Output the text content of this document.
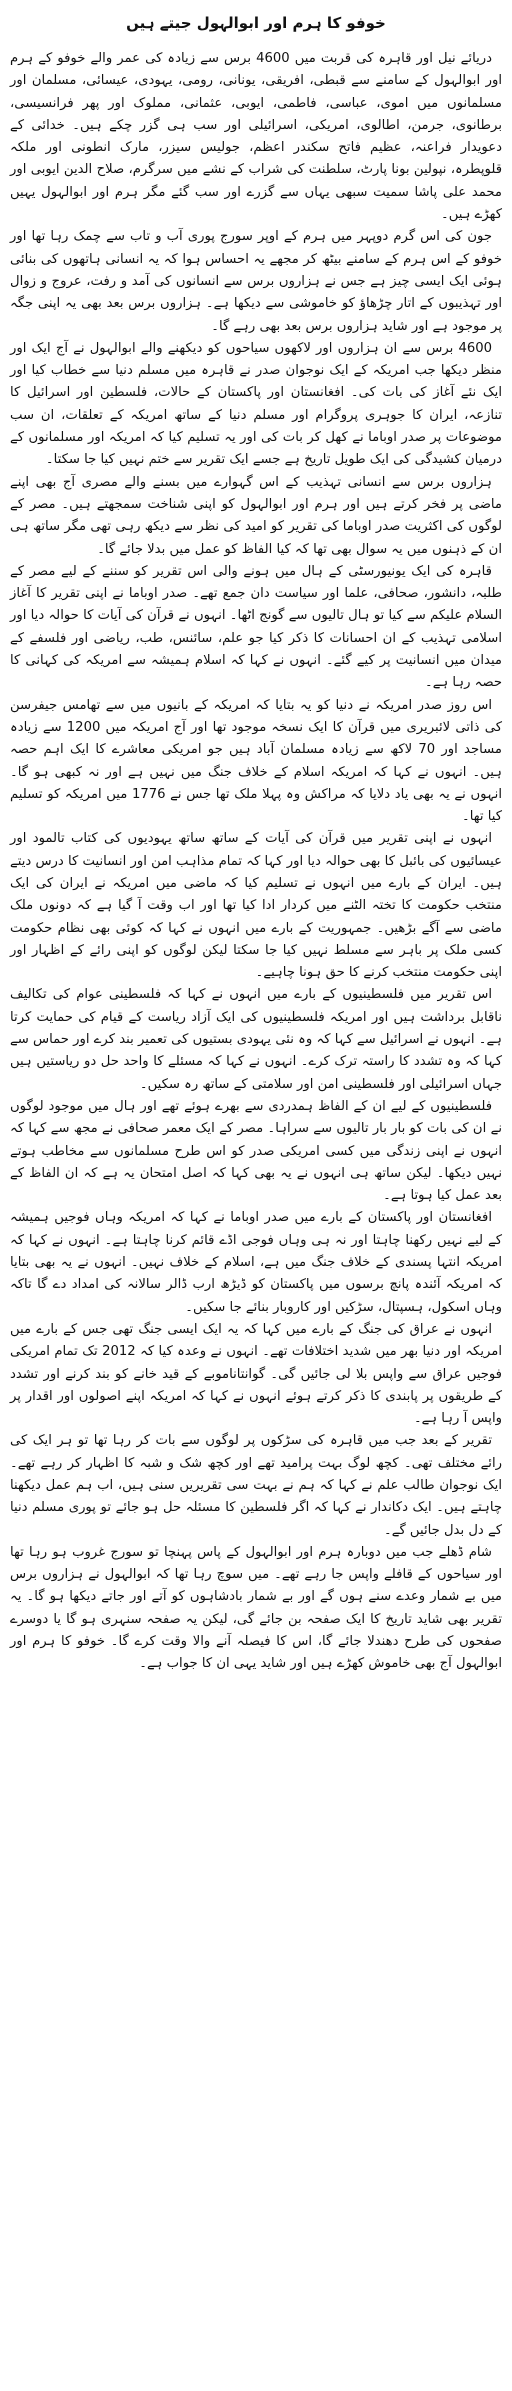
خوفو کا ہرم اور ابوالہول جیتے ہیں

دریائے نیل اور قاہرہ کی قربت میں 4600 برس سے زیادہ کی عمر والے خوفو کے ہرم اور ابوالہول کے سامنے سے قبطی، افریقی، یونانی، رومی، یہودی، عیسائی، مسلمان اور مسلمانوں میں اموی، عباسی، فاطمی، ایوبی، عثمانی، مملوک اور پھر فرانسیسی، برطانوی، جرمن، اطالوی، امریکی، اسرائیلی اور سب ہی گزر چکے ہیں۔ خدائی کے دعویدار فراعنہ، عظیم فاتح سکندر اعظم، جولیس سیزر، مارک انطونی اور ملکہ قلوپطرہ، نپولین بونا پارٹ، سلطنت کی شراب کے نشے میں سرگرم، صلاح الدین ایوبی اور محمد علی پاشا سمیت سبھی یہاں سے گزرے اور سب گئے مگر ہرم اور ابوالہول یہیں کھڑے ہیں۔

جون کی اس گرم دوپہر میں ہرم کے اوپر سورج پوری آب و تاب سے چمک رہا تھا اور خوفو کے اس ہرم کے سامنے بیٹھ کر مجھے یہ احساس ہوا کہ یہ انسانی ہاتھوں کی بنائی ہوئی ایک ایسی چیز ہے جس نے ہزاروں برس سے انسانوں کی آمد و رفت، عروج و زوال اور تہذیبوں کے اتار چڑھاؤ کو خاموشی سے دیکھا ہے۔ ہزاروں برس بعد بھی یہ اپنی جگہ پر موجود ہے اور شاید ہزاروں برس بعد بھی رہے گا۔

4600 برس سے ان ہزاروں اور لاکھوں سیاحوں کو دیکھنے والے ابوالہول نے آج ایک اور منظر دیکھا جب امریکہ کے ایک نوجوان صدر نے قاہرہ میں مسلم دنیا سے خطاب کیا اور ایک نئے آغاز کی بات کی۔ افغانستان اور پاکستان کے حالات، فلسطین اور اسرائیل کا تنازعہ، ایران کا جوہری پروگرام اور مسلم دنیا کے ساتھ امریکہ کے تعلقات، ان سب موضوعات پر صدر اوباما نے کھل کر بات کی اور یہ تسلیم کیا کہ امریکہ اور مسلمانوں کے درمیان کشیدگی کی ایک طویل تاریخ ہے جسے ایک تقریر سے ختم نہیں کیا جا سکتا۔

ہزاروں برس سے انسانی تہذیب کے اس گہوارے میں بسنے والے مصری آج بھی اپنے ماضی پر فخر کرتے ہیں اور ہرم اور ابوالہول کو اپنی شناخت سمجھتے ہیں۔ مصر کے لوگوں کی اکثریت صدر اوباما کی تقریر کو امید کی نظر سے دیکھ رہی تھی مگر ساتھ ہی ان کے ذہنوں میں یہ سوال بھی تھا کہ کیا الفاظ کو عمل میں بدلا جائے گا۔

قاہرہ کی ایک یونیورسٹی کے ہال میں ہونے والی اس تقریر کو سننے کے لیے مصر کے طلبہ، دانشور، صحافی، علما اور سیاست دان جمع تھے۔ صدر اوباما نے اپنی تقریر کا آغاز السلام علیکم سے کیا تو ہال تالیوں سے گونج اٹھا۔ انہوں نے قرآن کی آیات کا حوالہ دیا اور اسلامی تہذیب کے ان احسانات کا ذکر کیا جو علم، سائنس، طب، ریاضی اور فلسفے کے میدان میں انسانیت پر کیے گئے۔ انہوں نے کہا کہ اسلام ہمیشہ سے امریکہ کی کہانی کا حصہ رہا ہے۔

اس روز صدر امریکہ نے دنیا کو یہ بتایا کہ امریکہ کے بانیوں میں سے تھامس جیفرسن کی ذاتی لائبریری میں قرآن کا ایک نسخہ موجود تھا اور آج امریکہ میں 1200 سے زیادہ مساجد اور 70 لاکھ سے زیادہ مسلمان آباد ہیں جو امریکی معاشرے کا ایک اہم حصہ ہیں۔ انہوں نے کہا کہ امریکہ اسلام کے خلاف جنگ میں نہیں ہے اور نہ کبھی ہو گا۔ انہوں نے یہ بھی یاد دلایا کہ مراکش وہ پہلا ملک تھا جس نے 1776 میں امریکہ کو تسلیم کیا تھا۔

انہوں نے اپنی تقریر میں قرآن کی آیات کے ساتھ ساتھ یہودیوں کی کتاب تالمود اور عیسائیوں کی بائبل کا بھی حوالہ دیا اور کہا کہ تمام مذاہب امن اور انسانیت کا درس دیتے ہیں۔ ایران کے بارے میں انہوں نے تسلیم کیا کہ ماضی میں امریکہ نے ایران کی ایک منتخب حکومت کا تختہ الٹنے میں کردار ادا کیا تھا اور اب وقت آ گیا ہے کہ دونوں ملک ماضی سے آگے بڑھیں۔ جمہوریت کے بارے میں انہوں نے کہا کہ کوئی بھی نظام حکومت کسی ملک پر باہر سے مسلط نہیں کیا جا سکتا لیکن لوگوں کو اپنی رائے کے اظہار اور اپنی حکومت منتخب کرنے کا حق ہونا چاہیے۔

اس تقریر میں فلسطینیوں کے بارے میں انہوں نے کہا کہ فلسطینی عوام کی تکالیف ناقابل برداشت ہیں اور امریکہ فلسطینیوں کی ایک آزاد ریاست کے قیام کی حمایت کرتا ہے۔ انہوں نے اسرائیل سے کہا کہ وہ نئی یہودی بستیوں کی تعمیر بند کرے اور حماس سے کہا کہ وہ تشدد کا راستہ ترک کرے۔ انہوں نے کہا کہ مسئلے کا واحد حل دو ریاستیں ہیں جہاں اسرائیلی اور فلسطینی امن اور سلامتی کے ساتھ رہ سکیں۔

فلسطینیوں کے لیے ان کے الفاظ ہمدردی سے بھرے ہوئے تھے اور ہال میں موجود لوگوں نے ان کی بات کو بار بار تالیوں سے سراہا۔ مصر کے ایک معمر صحافی نے مجھ سے کہا کہ انہوں نے اپنی زندگی میں کسی امریکی صدر کو اس طرح مسلمانوں سے مخاطب ہوتے نہیں دیکھا۔ لیکن ساتھ ہی انہوں نے یہ بھی کہا کہ اصل امتحان یہ ہے کہ ان الفاظ کے بعد عمل کیا ہوتا ہے۔

افغانستان اور پاکستان کے بارے میں صدر اوباما نے کہا کہ امریکہ وہاں فوجیں ہمیشہ کے لیے نہیں رکھنا چاہتا اور نہ ہی وہاں فوجی اڈے قائم کرنا چاہتا ہے۔ انہوں نے کہا کہ امریکہ انتہا پسندی کے خلاف جنگ میں ہے، اسلام کے خلاف نہیں۔ انہوں نے یہ بھی بتایا کہ امریکہ آئندہ پانچ برسوں میں پاکستان کو ڈیڑھ ارب ڈالر سالانہ کی امداد دے گا تاکہ وہاں اسکول، ہسپتال، سڑکیں اور کاروبار بنائے جا سکیں۔

انہوں نے عراق کی جنگ کے بارے میں کہا کہ یہ ایک ایسی جنگ تھی جس کے بارے میں امریکہ اور دنیا بھر میں شدید اختلافات تھے۔ انہوں نے وعدہ کیا کہ 2012 تک تمام امریکی فوجیں عراق سے واپس بلا لی جائیں گی۔ گوانتاناموبے کے قید خانے کو بند کرنے اور تشدد کے طریقوں پر پابندی کا ذکر کرتے ہوئے انہوں نے کہا کہ امریکہ اپنے اصولوں اور اقدار پر واپس آ رہا ہے۔

تقریر کے بعد جب میں قاہرہ کی سڑکوں پر لوگوں سے بات کر رہا تھا تو ہر ایک کی رائے مختلف تھی۔ کچھ لوگ بہت پرامید تھے اور کچھ شک و شبہ کا اظہار کر رہے تھے۔ ایک نوجوان طالب علم نے کہا کہ ہم نے بہت سی تقریریں سنی ہیں، اب ہم عمل دیکھنا چاہتے ہیں۔ ایک دکاندار نے کہا کہ اگر فلسطین کا مسئلہ حل ہو جائے تو پوری مسلم دنیا کے دل بدل جائیں گے۔

شام ڈھلے جب میں دوبارہ ہرم اور ابوالہول کے پاس پہنچا تو سورج غروب ہو رہا تھا اور سیاحوں کے قافلے واپس جا رہے تھے۔ میں سوچ رہا تھا کہ ابوالہول نے ہزاروں برس میں بے شمار وعدے سنے ہوں گے اور بے شمار بادشاہوں کو آتے اور جاتے دیکھا ہو گا۔ یہ تقریر بھی شاید تاریخ کا ایک صفحہ بن جائے گی، لیکن یہ صفحہ سنہری ہو گا یا دوسرے صفحوں کی طرح دھندلا جائے گا، اس کا فیصلہ آنے والا وقت کرے گا۔ خوفو کا ہرم اور ابوالہول آج بھی خاموش کھڑے ہیں اور شاید یہی ان کا جواب ہے۔
